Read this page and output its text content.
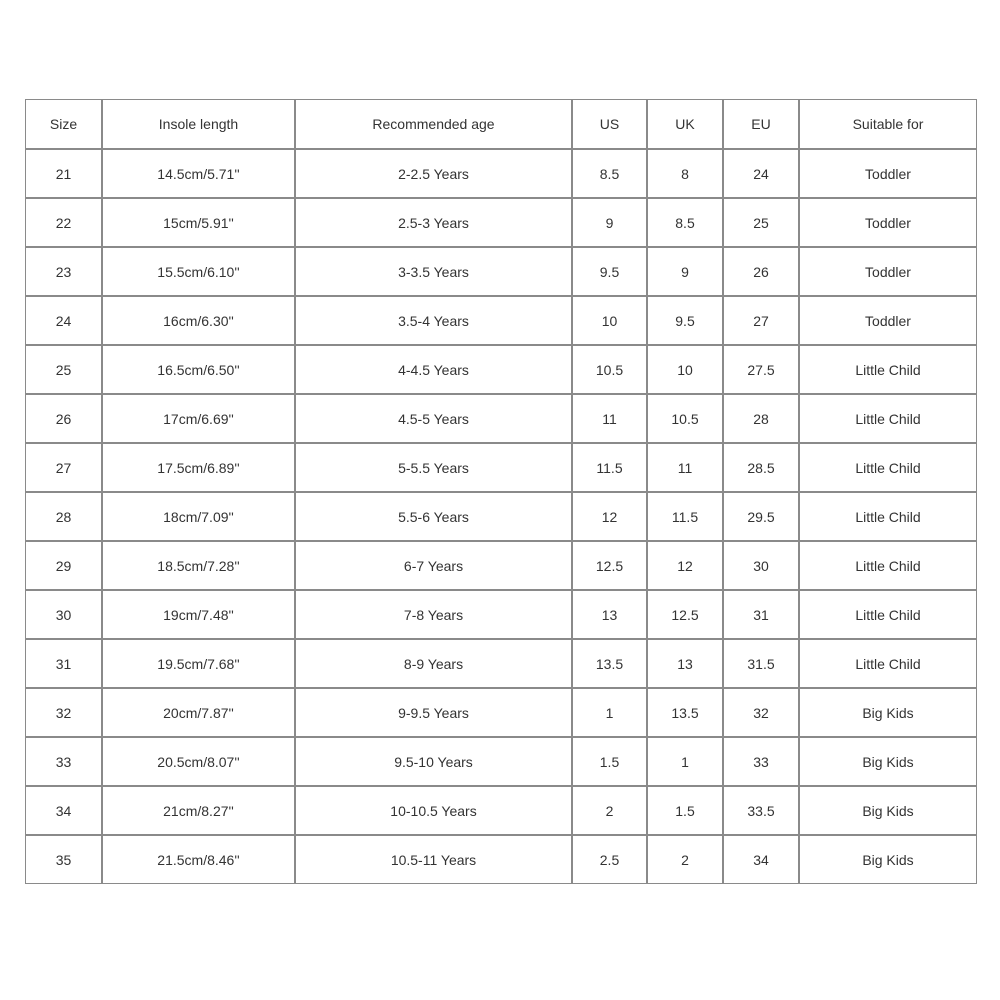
Size	Insole length	Recommended age	US	UK	EU	Suitable for
21	14.5cm/5.71''	2-2.5 Years	8.5	8	24	Toddler
22	15cm/5.91''	2.5-3 Years	9	8.5	25	Toddler
23	15.5cm/6.10''	3-3.5 Years	9.5	9	26	Toddler
24	16cm/6.30''	3.5-4 Years	10	9.5	27	Toddler
25	16.5cm/6.50''	4-4.5 Years	10.5	10	27.5	Little Child
26	17cm/6.69''	4.5-5 Years	11	10.5	28	Little Child
27	17.5cm/6.89''	5-5.5 Years	11.5	11	28.5	Little Child
28	18cm/7.09''	5.5-6 Years	12	11.5	29.5	Little Child
29	18.5cm/7.28''	6-7 Years	12.5	12	30	Little Child
30	19cm/7.48''	7-8 Years	13	12.5	31	Little Child
31	19.5cm/7.68''	8-9 Years	13.5	13	31.5	Little Child
32	20cm/7.87''	9-9.5 Years	1	13.5	32	Big Kids
33	20.5cm/8.07''	9.5-10 Years	1.5	1	33	Big Kids
34	21cm/8.27''	10-10.5 Years	2	1.5	33.5	Big Kids
35	21.5cm/8.46''	10.5-11 Years	2.5	2	34	Big Kids
